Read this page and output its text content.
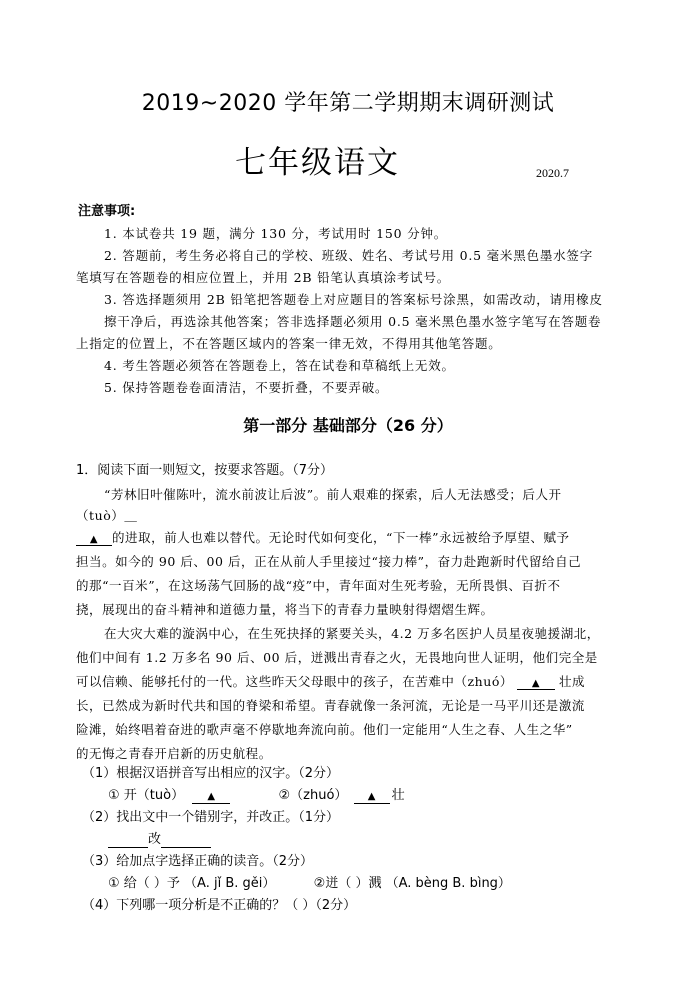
2019~2020 学年第二学期期末调研测试
七年级语文	2020.7
注意事项:
1. 本试卷共 19 题，满分 130 分，考试用时 150 分钟。
2. 答题前，考生务必将自己的学校、班级、姓名、考试号用 0.5 毫米黑色墨水签字
笔填写在答题卷的相应位置上，并用 2B 铅笔认真填涂考试号。
3. 答选择题须用 2B 铅笔把答题卷上对应题目的答案标号涂黑，如需改动，请用橡皮
擦干净后，再选涂其他答案；答非选择题必须用 0.5 毫米黑色墨水签字笔写在答题卷
上指定的位置上，不在答题区域内的答案一律无效，不得用其他笔答题。
4. 考生答题必须答在答题卷上，答在试卷和草稿纸上无效。
5. 保持答题卷卷面清洁，不要折叠，不要弄破。
第一部分 基础部分（26 分）
1．阅读下面一则短文，按要求答题。（7分）
“芳林旧叶催陈叶，流水前波让后波”。前人艰难的探索，后人无法感受；后人开
（tuò）＿
▲ 的进取，前人也难以替代。无论时代如何变化，“下一棒”永远被给予厚望、赋予
担当。如今的 90 后、00 后，正在从前人手里接过“接力棒”，奋力赴跑新时代留给自己
的那“一百米”，在这场荡气回肠的战“疫”中，青年面对生死考验，无所畏惧、百折不
挠，展现出的奋斗精神和道德力量，将当下的青春力量映射得熠熠生辉。
在大灾大难的漩涡中心，在生死抉择的紧要关头，4.2 万多名医护人员星夜驰援湖北，
他们中间有 1.2 万多名 90 后、00 后，迸溅出青春之火，无畏地向世人证明，他们完全是
可以信赖、能够托付的一代。这些昨天父母眼中的孩子，在苦难中（zhuó） ▲ 壮成
长，已然成为新时代共和国的脊梁和希望。青春就像一条河流，无论是一马平川还是激流
险滩，始终唱着奋进的歌声毫不停歇地奔流向前。他们一定能用“人生之春、人生之华”
的无悔之青春开启新的历史航程。
（1）根据汉语拼音写出相应的汉字。（2分）
① 开（tuò） ▲	②（zhuó） ▲ 壮
（2）找出文中一个错别字，并改正。（1分）
改
（3）给加点字选择正确的读音。（2分）
① 给（ ）予 （A. jǐ B. gěi）	②迸（ ）溅 （A. bèng B. bìng）
（4）下列哪一项分析是不正确的？（ ）（2分）
